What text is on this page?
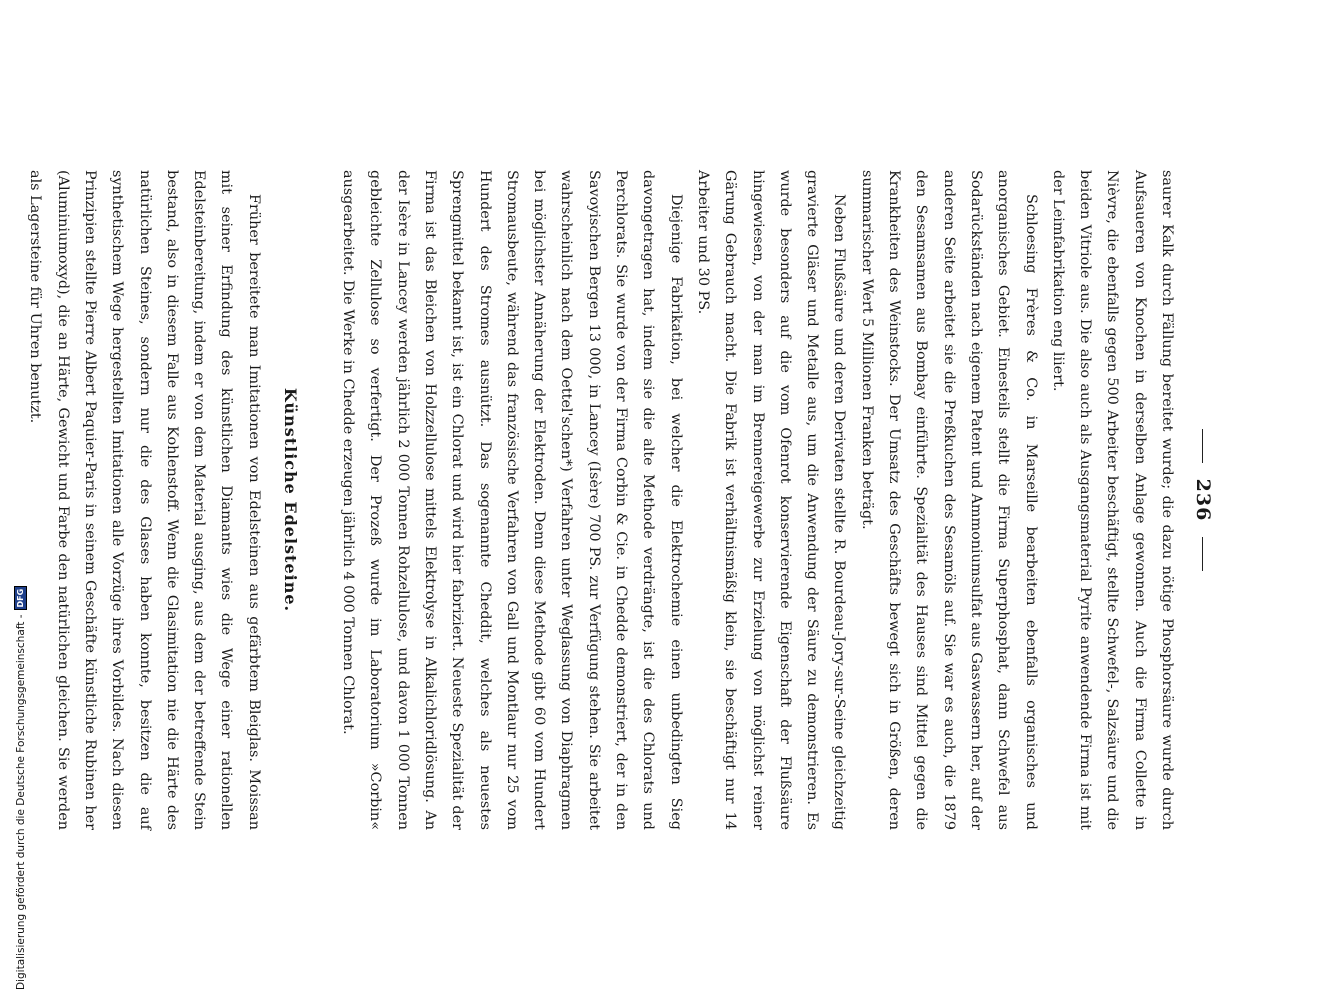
Digitalisierung gefördert durch die Deutsche Forschungsgemeinschaft -
DFG
236

saurer Kalk durch Fällung bereitet wurde; die dazu nötige Phosphorsäure wurde durch Aufsaueren von Knochen in derselben Anlage gewonnen. Auch die Firma Collette in Nièvre, die ebenfalls gegen 500 Arbeiter beschäftigt, stellte Schwefel-, Salzsäure und die beiden Vitriole aus. Die also auch als Ausgangsmaterial Pyrite anwendende Firma ist mit der Leimfabrikation eng liiert.

Schloesing Frères & Co. in Marseille bearbeiten ebenfalls organisches und anorganisches Gebiet. Einesteils stellt die Firma Superphosphat, dann Schwefel aus Sodarückständen nach eigenem Patent und Ammoniumsulfat aus Gaswassern her, auf der anderen Seite arbeitet sie die Preßkuchen des Sesamöls auf. Sie war es auch, die 1879 den Sesamsamen aus Bombay einführte. Spezialität des Hauses sind Mittel gegen die Krankheiten des Weinstocks. Der Umsatz des Geschäfts bewegt sich in Größen, deren summarischer Wert 5 Millionen Franken beträgt.

Neben Flußsäure und deren Derivaten stellte R. Bourdeau-Jory-sur-Seine gleichzeitig gravierte Gläser und Metalle aus, um die Anwendung der Säure zu demonstrieren. Es wurde besonders auf die vom Ofenrot konservierende Eigenschaft der Flußsäure hingewiesen, von der man im Brennereigewerbe zur Erzielung von möglichst reiner Gärung Gebrauch macht. Die Fabrik ist verhältnismäßig klein, sie beschäftigt nur 14 Arbeiter und 30 PS.

Diejenige Fabrikation, bei welcher die Elektrochemie einen unbedingten Sieg davongetragen hat, indem sie die alte Methode verdrängte, ist die des Chlorats und Perchlorats. Sie wurde von der Firma Corbin & Cie. in Chedde demonstriert, der in den Savoyischen Bergen 13 000, in Lancey (Isère) 700 PS. zur Verfügung stehen. Sie arbeitet wahrscheinlich nach dem Oettel'schen*) Verfahren unter Weglassung von Diaphragmen bei möglichster Annäherung der Elektroden. Denn diese Methode gibt 60 vom Hundert Stromausbeute, während das französische Verfahren von Gall und Montlaur nur 25 vom Hundert des Stromes ausnützt. Das sogenannte Cheddit, welches als neuestes Sprengmittel bekannt ist, ist ein Chlorat und wird hier fabriziert. Neueste Spezialität der Firma ist das Bleichen von Holzzellulose mittels Elektrolyse in Alkalichloridlösung. An der Isère in Lancey werden jährlich 2 000 Tonnen Rohzellulose, und davon 1 000 Tonnen gebleichte Zellulose so verfertigt. Der Prozeß wurde im Laboratorium »Corbin« ausgearbeitet. Die Werke in Chedde erzeugen jährlich 4 000 Tonnen Chlorat.

Künstliche Edelsteine.

Früher bereitete man Imitationen von Edelsteinen aus gefärbtem Bleiglas. Moissan mit seiner Erfindung des künstlichen Diamants wies die Wege einer rationellen Edelsteinbereitung, indem er von dem Material ausging, aus dem der betreffende Stein bestand, also in diesem Falle aus Kohlenstoff. Wenn die Glasimitation nie die Härte des natürlichen Steines, sondern nur die des Glases haben konnte, besitzen die auf synthetischem Wege hergestellten Imitationen alle Vorzüge ihres Vorbildes. Nach diesen Prinzipien stellte Pierre Albert Paquier-Paris in seinem Geschäfte künstliche Rubinen her (Aluminiumoxyd), die an Härte, Gewicht und Farbe den natürlichen gleichen. Sie werden als Lagersteine für Uhren benutzt.
